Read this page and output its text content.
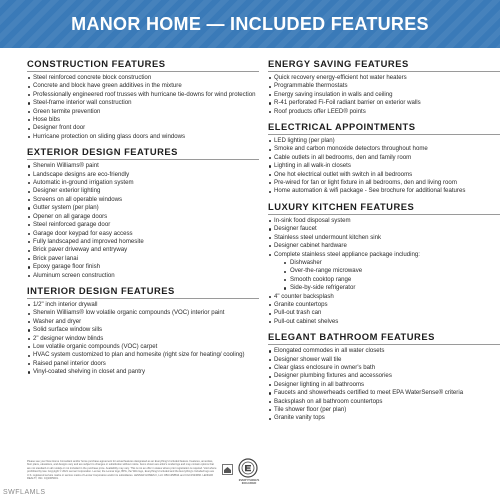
MANOR HOME — INCLUDED FEATURES
CONSTRUCTION FEATURES
Steel reinforced concrete block construction
Concrete and block have green additives in the mixture
Professionally engineered roof trusses with hurricane tie-downs for wind protection
Steel-frame interior wall construction
Green termite prevention
Hose bibs
Designer front door
Hurricane protection on sliding glass doors and windows
EXTERIOR DESIGN FEATURES
Sherwin Williams® paint
Landscape designs are eco-friendly
Automatic in-ground irrigation system
Designer exterior lighting
Screens on all operable windows
Gutter system (per plan)
Opener on all garage doors
Steel reinforced garage door
Garage door keypad for easy access
Fully landscaped and improved homesite
Brick paver driveway and entryway
Brick paver lanai
Epoxy garage floor finish
Aluminum screen construction
INTERIOR DESIGN FEATURES
1/2" inch interior drywall
Sherwin Williams® low volatile organic compounds (VOC) interior paint
Washer and dryer
Solid surface window sills
2" designer window blinds
Low volatile organic compounds (VOC) carpet
HVAC system customized to plan and homesite (right size for heating/ cooling)
Raised panel interior doors
Vinyl-coated shelving in closet and pantry
ENERGY SAVING FEATURES
Quick recovery energy-efficient hot water heaters
Programmable thermostats
Energy saving insulation in walls and ceiling
R-41 perforated Fi-Foil radiant barrier on exterior walls
Roof products offer LEED® points
ELECTRICAL APPOINTMENTS
LED lighting (per plan)
Smoke and carbon monoxide detectors throughout home
Cable outlets in all bedrooms, den and family room
Lighting in all walk-in closets
One hot electrical outlet with switch in all bedrooms
Pre-wired for fan or light fixture in all bedrooms, den and living room
Home automation & wifi package - See brochure for additional features
LUXURY KITCHEN FEATURES
In-sink food disposal system
Designer faucet
Stainless steel undermount kitchen sink
Designer cabinet hardware
Complete stainless steel appliance package including:
Dishwasher
Over-the-range microwave
Smooth cooktop range
Side-by-side refrigerator
4" counter backsplash
Granite countertops
Pull-out trash can
Pull-out cabinet shelves
ELEGANT BATHROOM FEATURES
Elongated commodes in all water closets
Designer shower wall tile
Clear glass enclosure in owner's bath
Designer plumbing fixtures and accessories
Designer lighting in all bathrooms
Faucets and showerheads certified to meet EPA WaterSense® criteria
Backsplash on all bathroom countertops
Tile shower floor (per plan)
Granite vanity tops
Please see your New Home Consultant and/or home purchase agreement for actual features designated as an Everything's Included feature. Features, amenities, floor plans, elevations, and designs vary and are subject to changes or substitution without notice. Items shown are artist's renderings and may contain options that are not standard on all models or not included in the purchase price. Availability may vary. This is not an offer in states where prior registration is required. Void where prohibited by law. Copyright © 2021 Lennar Corporation. Lennar, the Lennar logo, BPG, the WiG logo, Everything's Included and the Everything's Included logo are U.S. registered service marks or service marks of Lennar Corporation and/or its subsidiaries. LENNAR HOMES II, LLC CBC1258814 and CGC1523666. LENNAR REALTY, INC. CQ1005001.	EVERYTHING'S
INCLUDED
SWFLAMLS
